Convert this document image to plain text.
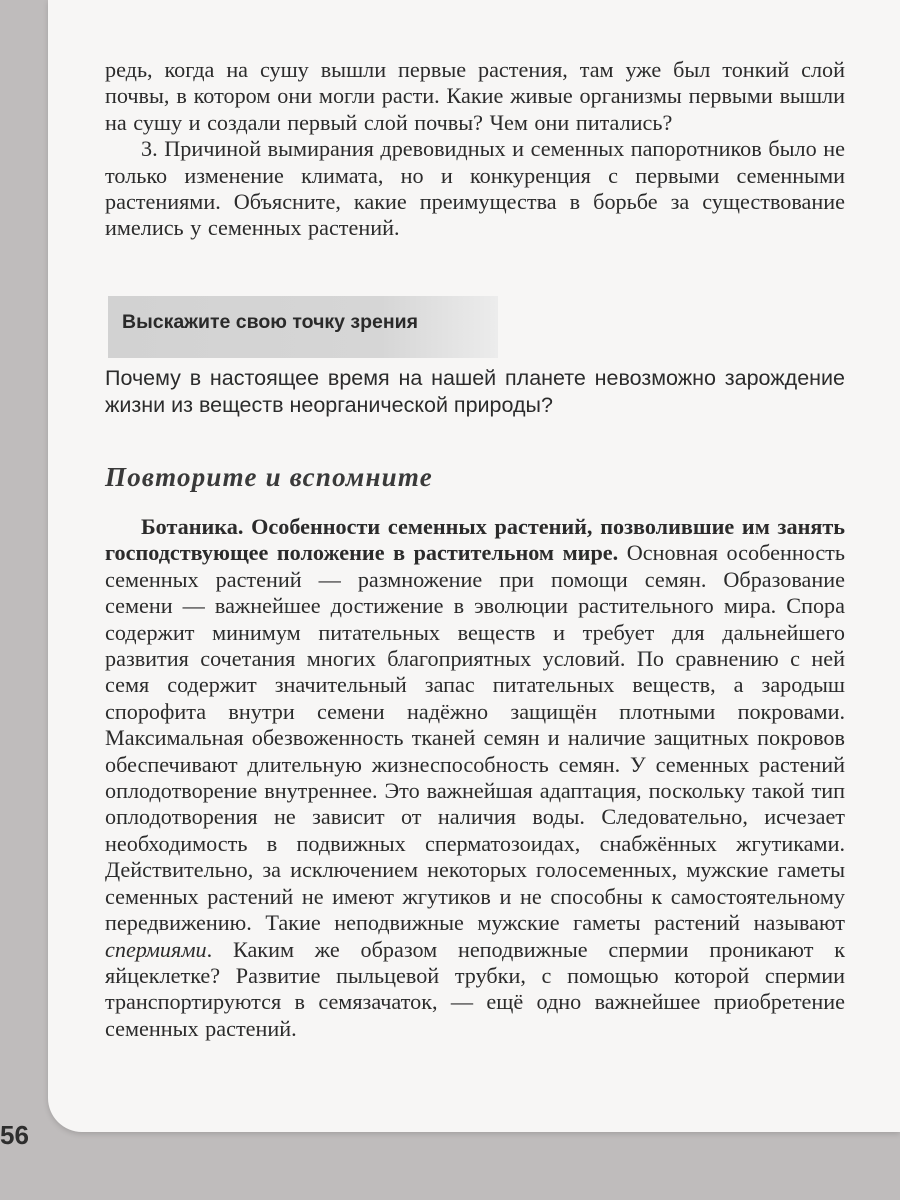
редь, когда на сушу вышли первые растения, там уже был тонкий слой почвы, в котором они могли расти. Какие живые организмы первыми вышли на сушу и создали первый слой почвы? Чем они питались?

3. Причиной вымирания древовидных и семенных папоротников было не только изменение климата, но и конкуренция с первыми семенными растениями. Объясните, какие преимущества в борьбе за существование имелись у семенных растений.

Выскажите свою точку зрения
Почему в настоящее время на нашей планете невозможно зарождение жизни из веществ неорганической природы?
Повторите и вспомните

Ботаника. Особенности семенных растений, позволившие им занять господствующее положение в растительном мире. Основная особенность семенных растений — размножение при помощи семян. Образование семени — важнейшее достижение в эволюции растительного мира. Спора содержит минимум питательных веществ и требует для дальнейшего развития сочетания многих благоприятных условий. По сравнению с ней семя содержит значительный запас питательных веществ, а зародыш спорофита внутри семени надёжно защищён плотными покровами. Максимальная обезвоженность тканей семян и наличие защитных покровов обеспечивают длительную жизнеспособность семян. У семенных растений оплодотворение внутреннее. Это важнейшая адаптация, поскольку такой тип оплодотворения не зависит от наличия воды. Следовательно, исчезает необходимость в подвижных сперматозоидах, снабжённых жгутиками. Действительно, за исключением некоторых голосеменных, мужские гаметы семенных растений не имеют жгутиков и не способны к самостоятельному передвижению. Такие неподвижные мужские гаметы растений называют спермиями. Каким же образом неподвижные спермии проникают к яйцеклетке? Развитие пыльцевой трубки, с помощью которой спермии транспортируются в семязачаток, — ещё одно важнейшее приобретение семенных растений.

56
